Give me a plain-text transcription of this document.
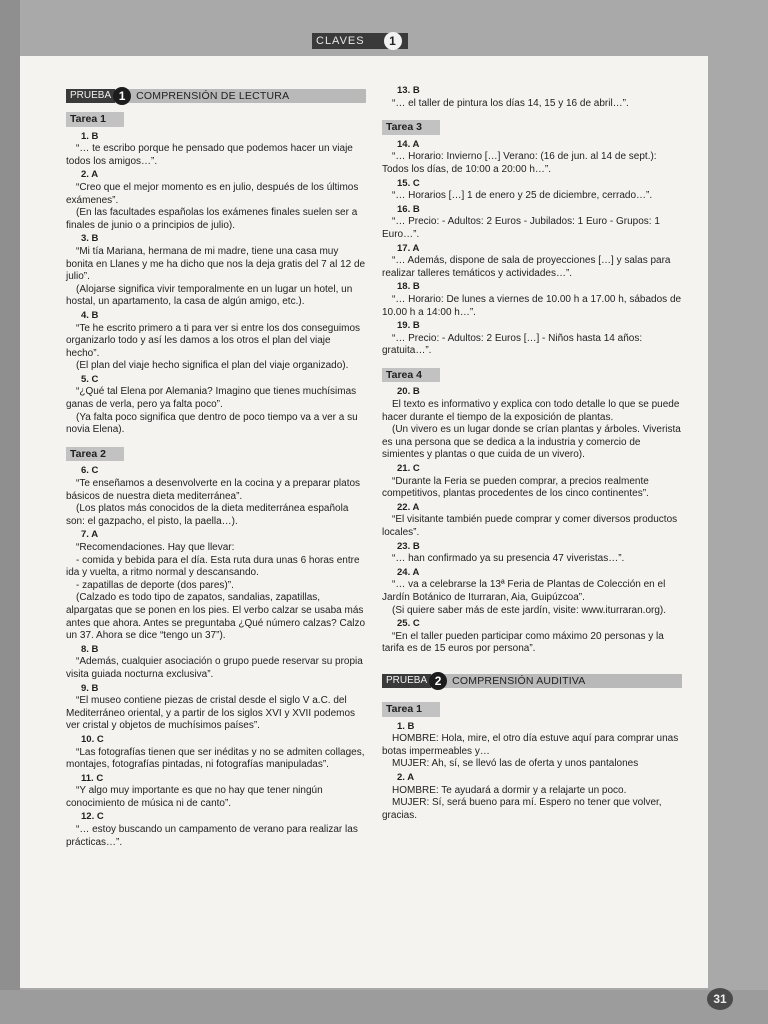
CLAVES	1
PRUEBA 1	COMPRENSIÓN DE LECTURA
Tarea 1
1. B

“… te escribo porque he pensado que podemos hacer un viaje todos los amigos…”.

2. A

“Creo que el mejor momento es en julio, después de los últimos exámenes”.

(En las facultades españolas los exámenes finales suelen ser a finales de junio o a principios de julio).

3. B

“Mi tía Mariana, hermana de mi madre, tiene una casa muy bonita en Llanes y me ha dicho que nos la deja gratis del 7 al 12 de julio”.

(Alojarse significa vivir temporalmente en un lugar un hotel, un hostal, un apartamento, la casa de algún amigo, etc.).

4. B

“Te he escrito primero a ti para ver si entre los dos conseguimos organizarlo todo y así les damos a los otros el plan del viaje hecho”.

(El plan del viaje hecho significa el plan del viaje organizado).

5. C

“¿Qué tal Elena por Alemania? Imagino que tienes muchísimas ganas de verla, pero ya falta poco”.

(Ya falta poco significa que dentro de poco tiempo va a ver a su novia Elena).

Tarea 2
6. C

“Te enseñamos a desenvolverte en la cocina y a preparar platos básicos de nuestra dieta mediterránea”.

(Los platos más conocidos de la dieta mediterránea española son: el gazpacho, el pisto, la paella…).

7. A

“Recomendaciones. Hay que llevar:

- comida y bebida para el día. Esta ruta dura unas 6 horas entre ida y vuelta, a ritmo normal y descansando.

- zapatillas de deporte (dos pares)”.

(Calzado es todo tipo de zapatos, sandalias, zapatillas, alpargatas que se ponen en los pies. El verbo calzar se usaba más antes que ahora. Antes se preguntaba ¿Qué número calzas? Calzo un 37. Ahora se dice “tengo un 37”).

8. B

“Además, cualquier asociación o grupo puede reservar su propia visita guiada nocturna exclusiva”.

9. B

“El museo contiene piezas de cristal desde el siglo V a.C. del Mediterráneo oriental, y a partir de los siglos XVI y XVII podemos ver cristal y objetos de muchísimos países”.

10. C

“Las fotografías tienen que ser inéditas y no se admiten collages, montajes, fotografías pintadas, ni fotografías manipuladas”.

11. C

“Y algo muy importante es que no hay que tener ningún conocimiento de música ni de canto”.

12. C

“… estoy buscando un campamento de verano para realizar las prácticas…”.

13. B

“… el taller de pintura los días 14, 15 y 16 de abril…”.

Tarea 3
14. A

“… Horario: Invierno […] Verano: (16 de jun. al 14 de sept.): Todos los días, de 10:00 a 20:00 h…”.

15. C

“… Horarios […] 1 de enero y 25 de diciembre, cerrado…”.

16. B

“… Precio: - Adultos: 2 Euros - Jubilados: 1 Euro - Grupos: 1 Euro…”.

17. A

“… Además, dispone de sala de proyecciones […] y salas para realizar talleres temáticos y actividades…”.

18. B

“… Horario: De lunes a viernes de 10.00 h a 17.00 h, sábados de 10.00 h a 14:00 h…”.

19. B

“… Precio: - Adultos: 2 Euros […] - Niños hasta 14 años: gratuita…”.

Tarea 4
20. B

El texto es informativo y explica con todo detalle lo que se puede hacer durante el tiempo de la exposición de plantas.

(Un vivero es un lugar donde se crían plantas y árboles. Viverista es una persona que se dedica a la industria y comercio de simientes y plantas o que cuida de un vivero).

21. C

“Durante la Feria se pueden comprar, a precios realmente competitivos, plantas procedentes de los cinco continentes”.

22. A

“El visitante también puede comprar y comer diversos productos locales”.

23. B

“… han confirmado ya su presencia 47 viveristas…”.

24. A

“… va a celebrarse la 13ª Feria de Plantas de Colección en el Jardín Botánico de Iturraran, Aia, Guipúzcoa”.

(Si quiere saber más de este jardín, visite: www.iturraran.org).

25. C

“En el taller pueden participar como máximo 20 personas y la tarifa es de 15 euros por persona”.

PRUEBA 2	COMPRENSIÓN AUDITIVA
Tarea 1
1. B

HOMBRE: Hola, mire, el otro día estuve aquí para comprar unas botas impermeables y…

MUJER: Ah, sí, se llevó las de oferta y unos pantalones

2. A

HOMBRE: Te ayudará a dormir y a relajarte un poco.

MUJER: Sí, será bueno para mí. Espero no tener que volver, gracias.

31
